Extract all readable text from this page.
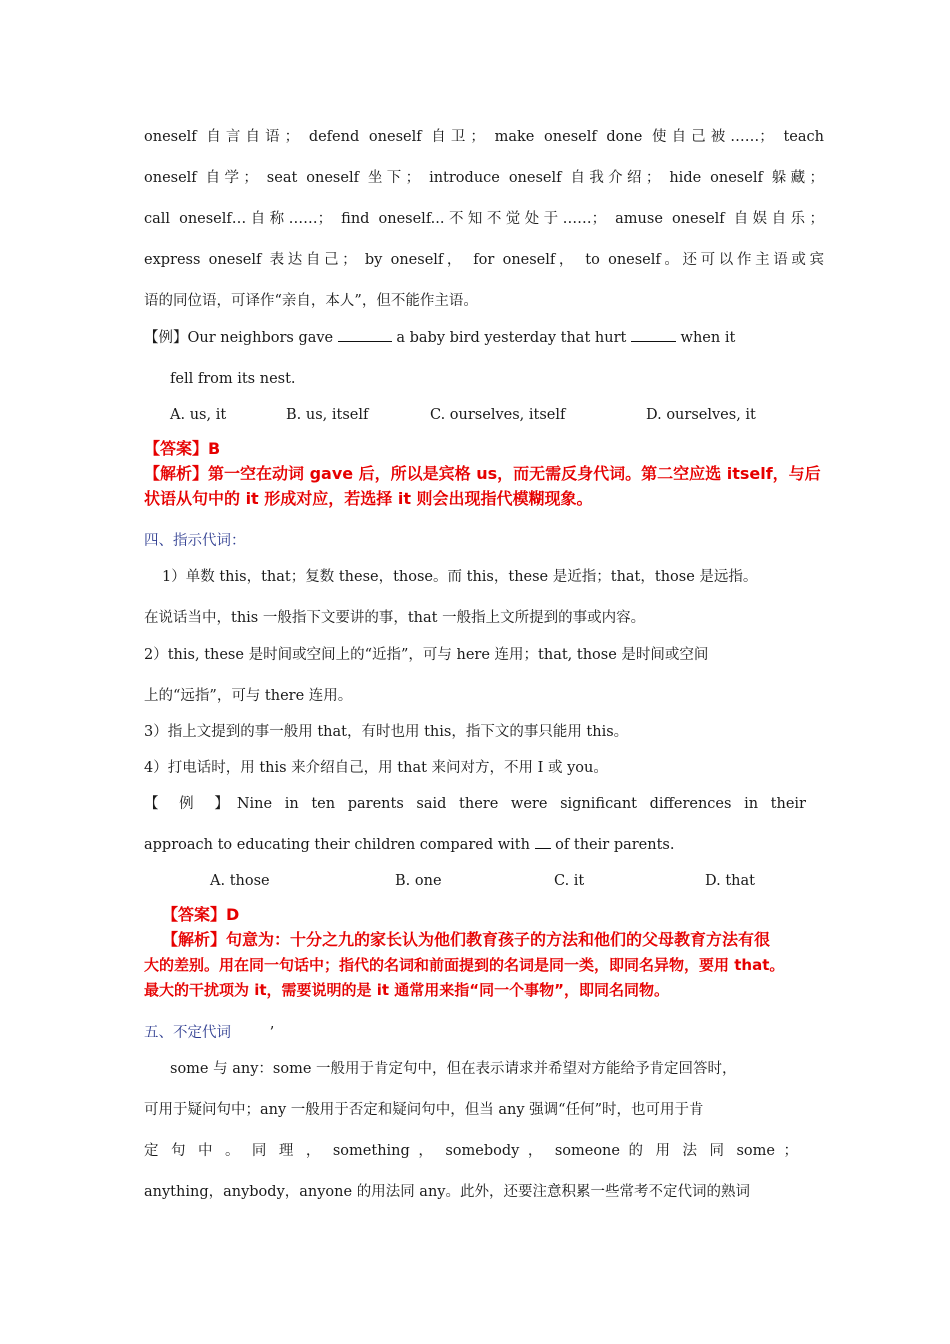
oneself 自言自语； defend oneself 自卫； make oneself done 使自己被……； teach
oneself 自学； seat oneself 坐下； introduce oneself 自我介绍； hide oneself 躲藏；
call oneself…自称……； find oneself...不知不觉处于……； amuse oneself 自娱自乐；
express oneself 表达自己； by oneself， for oneself， to oneself。还可以作主语或宾
语的同位语，可译作“亲自，本人”，但不能作主语。
【例】Our neighbors gave	a baby bird yesterday that hurt	when it
fell from its nest.
A. us, it	B. us, itself	C. ourselves, itself	D. ourselves, it
【答案】B
【解析】第一空在动词 gave 后，所以是宾格 us，而无需反身代词。第二空应选 itself，与后
状语从句中的 it 形成对应，若选择 it 则会出现指代模糊现象。
四、指示代词：
1）单数 this，that；复数 these，those。而 this，these 是近指；that，those 是远指。
在说话当中，this 一般指下文要讲的事，that 一般指上文所提到的事或内容。
2）this, these 是时间或空间上的“近指”，可与 here 连用；that, those 是时间或空间
上的“远指”，可与 there 连用。
3）指上文提到的事一般用 that，有时也用 this，指下文的事只能用 this。
4）打电话时，用 this 来介绍自己，用 that 来问对方，不用 I 或 you。
【 例 】Nine in ten parents said there were significant differences in their
approach to educating their children compared with  of their parents.
A. those	B. one	C. it	D. that
【答案】D
【解析】句意为：十分之九的家长认为他们教育孩子的方法和他们的父母教育方法有很
大的差别。用在同一句话中；指代的名词和前面提到的名词是同一类，即同名异物，要用 that。
最大的干扰项为 it，需要说明的是 it 通常用来指“同一个事物”，即同名同物。
五、不定代词	’
some 与 any：some 一般用于肯定句中，但在表示请求并希望对方能给予肯定回答时，
可用于疑问句中；any 一般用于否定和疑问句中，但当 any 强调“任何”时，也可用于肯
定 句 中 。 同 理 ， something ， somebody ， someone 的 用 法 同 some ；
anything，anybody，anyone 的用法同 any。此外，还要注意积累一些常考不定代词的熟词
